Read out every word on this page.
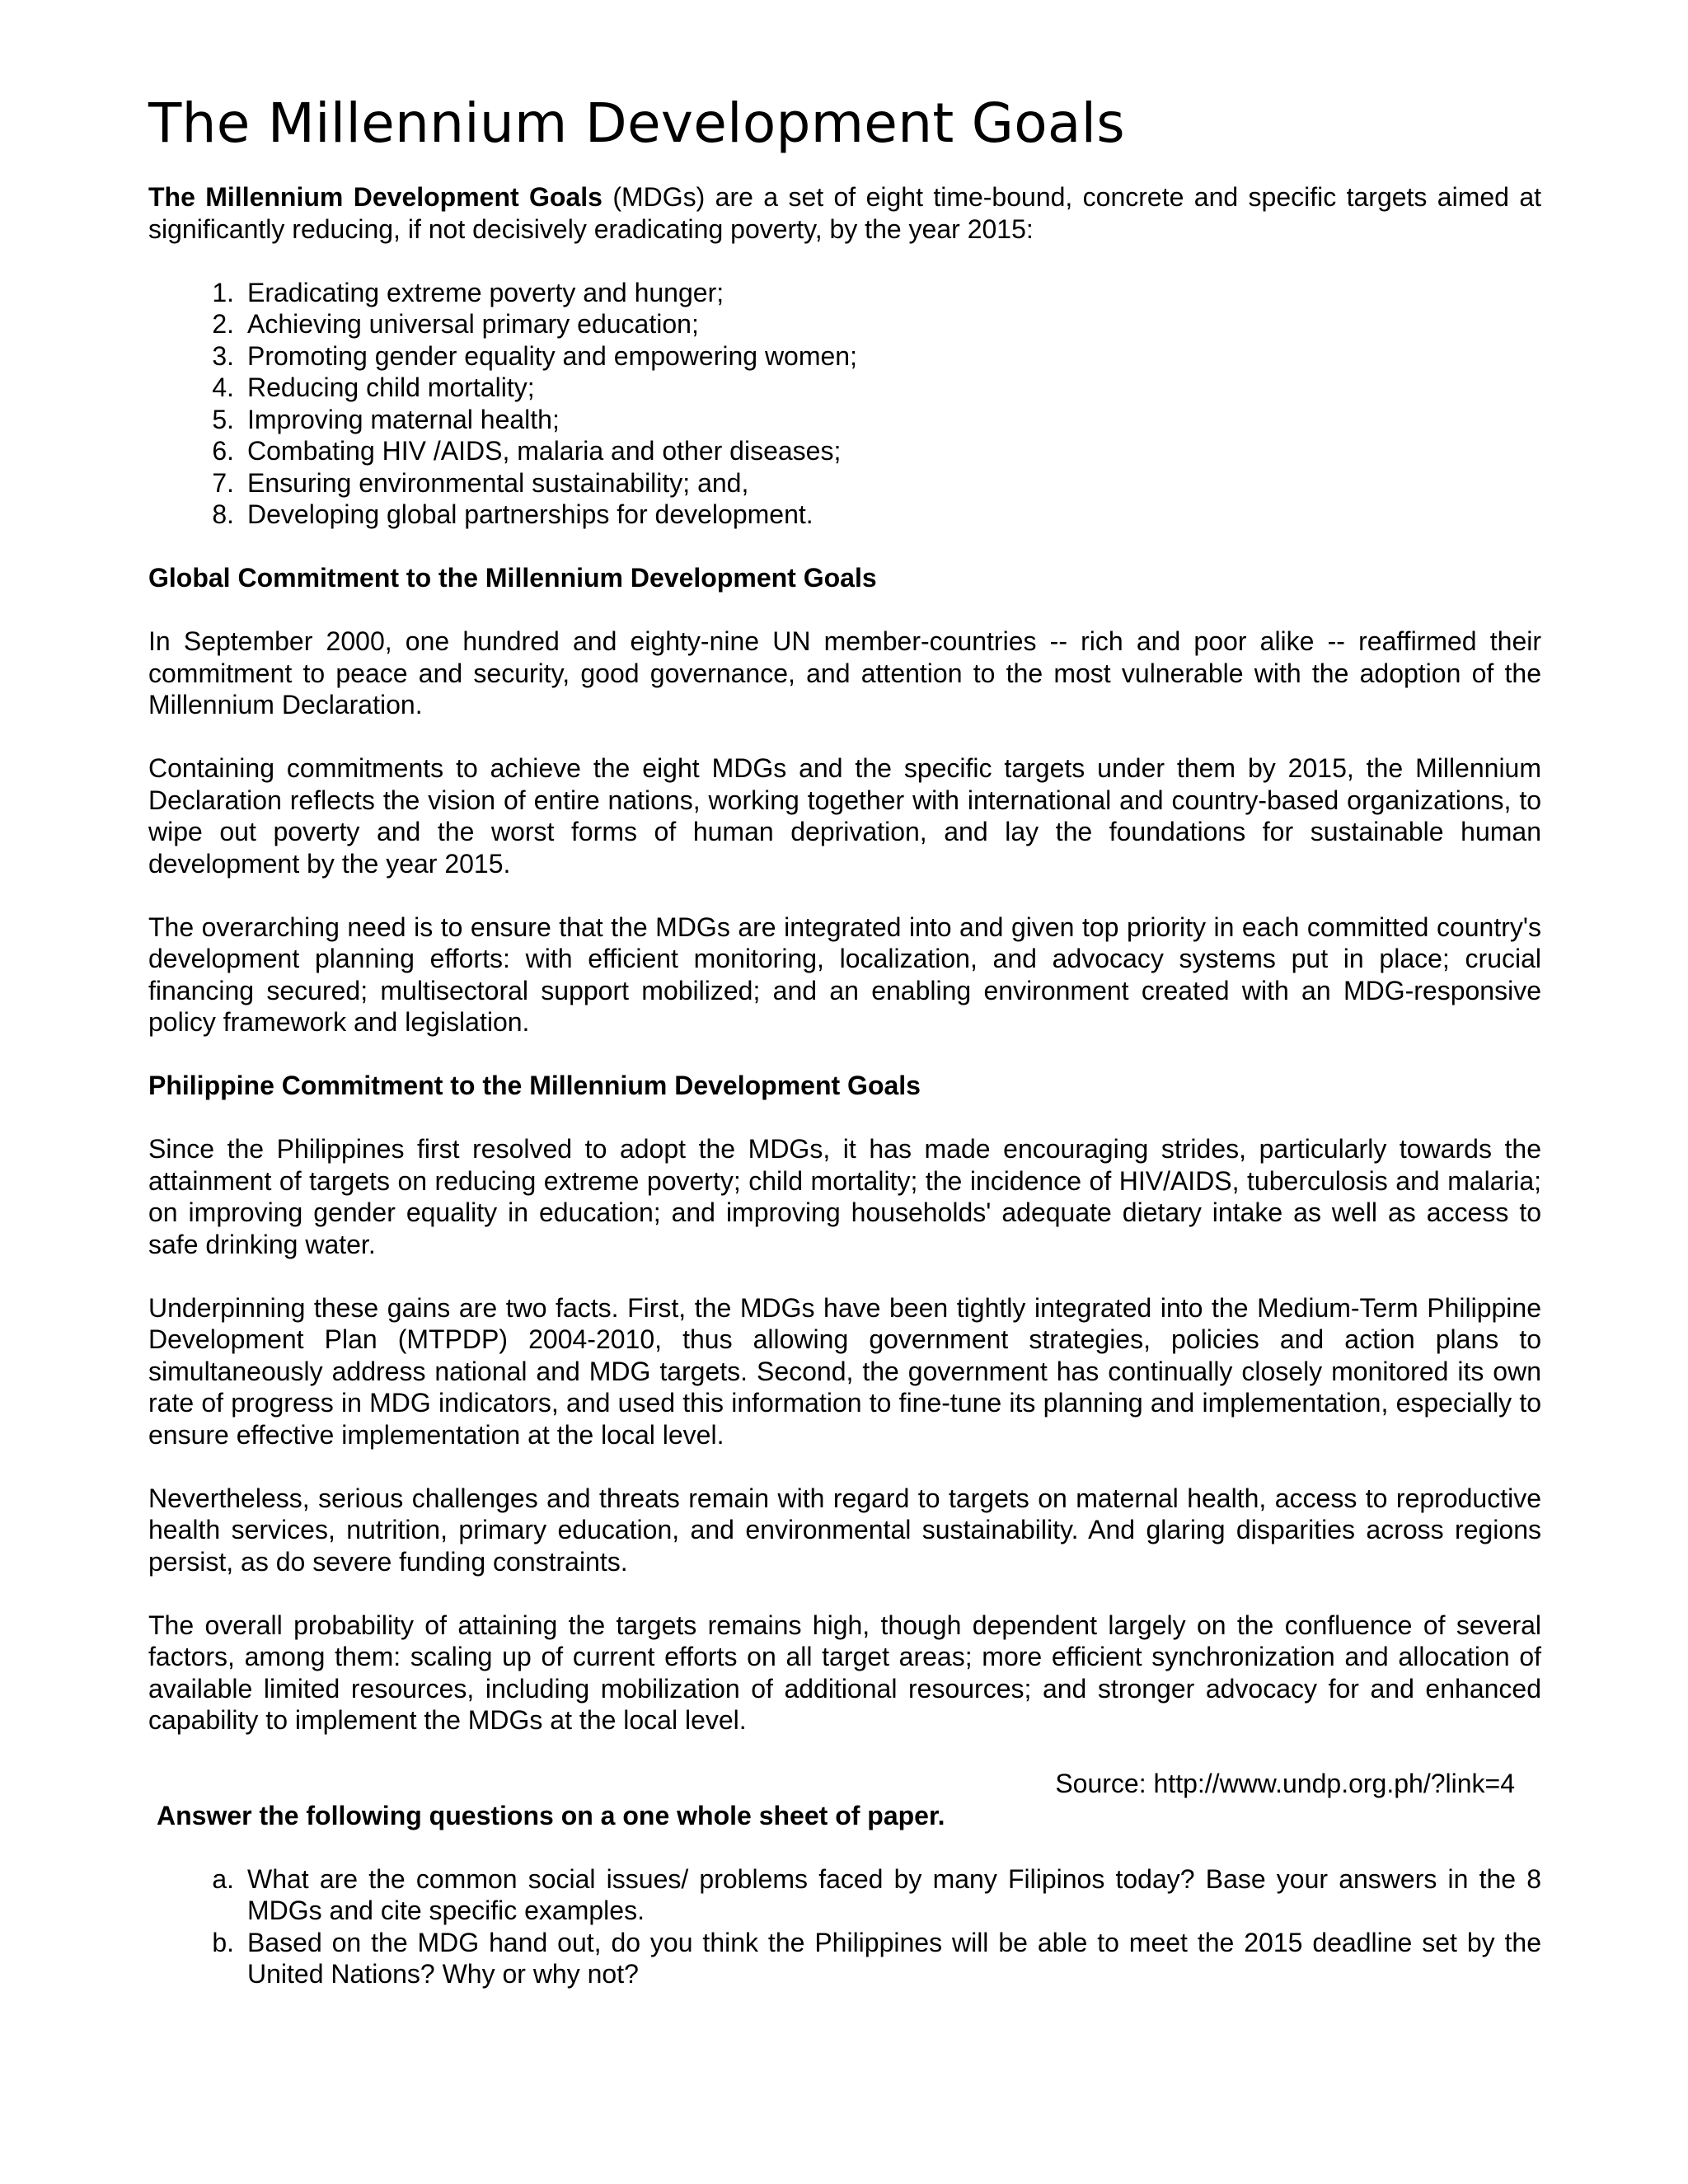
The Millennium Development Goals

The Millennium Development Goals (MDGs) are a set of eight time-bound, concrete and specific targets aimed at significantly reducing, if not decisively eradicating poverty, by the year 2015:

1. Eradicating extreme poverty and hunger;
2. Achieving universal primary education;
3. Promoting gender equality and empowering women;
4. Reducing child mortality;
5. Improving maternal health;
6. Combating HIV /AIDS, malaria and other diseases;
7. Ensuring environmental sustainability; and,
8. Developing global partnerships for development.
Global Commitment to the Millennium Development Goals

In September 2000, one hundred and eighty-nine UN member-countries -- rich and poor alike -- reaffirmed their commitment to peace and security, good governance, and attention to the most vulnerable with the adoption of the Millennium Declaration.

Containing commitments to achieve the eight MDGs and the specific targets under them by 2015, the Millennium Declaration reflects the vision of entire nations, working together with international and country-based organizations, to wipe out poverty and the worst forms of human deprivation, and lay the foundations for sustainable human development by the year 2015.

The overarching need is to ensure that the MDGs are integrated into and given top priority in each committed country's development planning efforts: with efficient monitoring, localization, and advocacy systems put in place; crucial financing secured; multisectoral support mobilized; and an enabling environment created with an MDG-responsive policy framework and legislation.

Philippine Commitment to the Millennium Development Goals

Since the Philippines first resolved to adopt the MDGs, it has made encouraging strides, particularly towards the attainment of targets on reducing extreme poverty; child mortality; the incidence of HIV/AIDS, tuberculosis and malaria; on improving gender equality in education; and improving households' adequate dietary intake as well as access to safe drinking water.

Underpinning these gains are two facts. First, the MDGs have been tightly integrated into the Medium-Term Philippine Development Plan (MTPDP) 2004-2010, thus allowing government strategies, policies and action plans to simultaneously address national and MDG targets. Second, the government has continually closely monitored its own rate of progress in MDG indicators, and used this information to fine-tune its planning and implementation, especially to ensure effective implementation at the local level.

Nevertheless, serious challenges and threats remain with regard to targets on maternal health, access to reproductive health services, nutrition, primary education, and environmental sustainability. And glaring disparities across regions persist, as do severe funding constraints.

The overall probability of attaining the targets remains high, though dependent largely on the confluence of several factors, among them: scaling up of current efforts on all target areas; more efficient synchronization and allocation of available limited resources, including mobilization of additional resources; and stronger advocacy for and enhanced capability to implement the MDGs at the local level.

Source: http://www.undp.org.ph/?link=4
Answer the following questions on a one whole sheet of paper.
a. What are the common social issues/ problems faced by many Filipinos today? Base your answers in the 8 MDGs and cite specific examples.
b. Based on the MDG hand out, do you think the Philippines will be able to meet the 2015 deadline set by the United Nations? Why or why not?
